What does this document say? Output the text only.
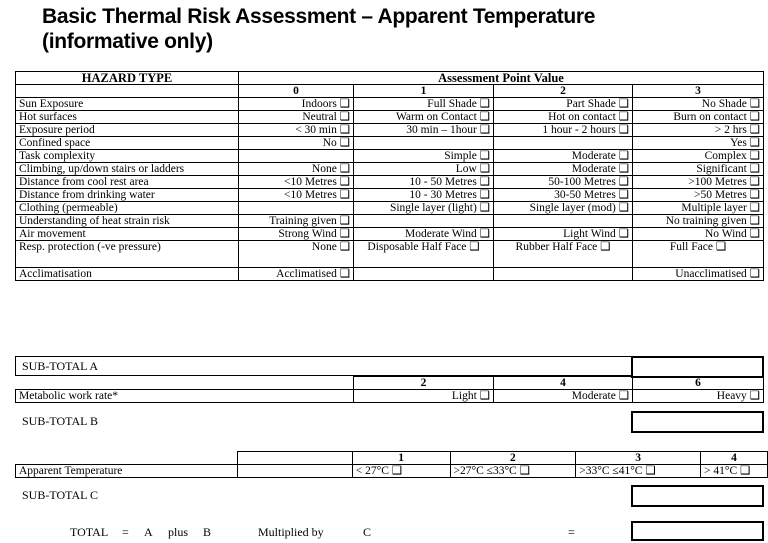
Basic Thermal Risk Assessment – Apparent Temperature
(informative only)
HAZARD TYPE	Assessment Point Value			
	0	1	2	3
Sun Exposure	Indoors ❑	Full Shade ❑	Part Shade ❑	No Shade ❑
Hot surfaces	Neutral ❑	Warm on Contact ❑	Hot on contact ❑	Burn on contact ❑
Exposure period	< 30 min ❑	30 min – 1hour ❑	1 hour - 2 hours ❑	> 2 hrs ❑
Confined space	No ❑			Yes ❑
Task complexity		Simple ❑	Moderate ❑	Complex ❑
Climbing, up/down stairs or ladders	None ❑	Low ❑	Moderate ❑	Significant ❑
Distance from cool rest area	<10 Metres ❑	10 - 50 Metres ❑	50-100 Metres ❑	>100 Metres ❑
Distance from drinking water	<10 Metres ❑	10 - 30 Metres ❑	30-50 Metres ❑	>50 Metres ❑
Clothing (permeable)		Single layer (light) ❑	Single layer (mod) ❑	Multiple layer ❑
Understanding of heat strain risk	Training given ❑			No training given ❑
Air movement	Strong Wind ❑	Moderate Wind ❑	Light Wind ❑	No Wind ❑
Resp. protection (-ve pressure)	None ❑	Disposable Half Face ❑	Rubber Half Face ❑	Full Face ❑
Acclimatisation	Acclimatised ❑			Unacclimatised ❑
SUB-TOTAL A
	2	4	6
Metabolic work rate*	Light ❑	Moderate ❑	Heavy ❑
SUB-TOTAL B
		1	2	3	4
Apparent Temperature		< 27°C ❑	>27°C ≤33°C ❑	>33°C ≤41°C ❑	> 41°C ❑
SUB-TOTAL C
TOTAL = A plus B	Multiplied by	C	=
